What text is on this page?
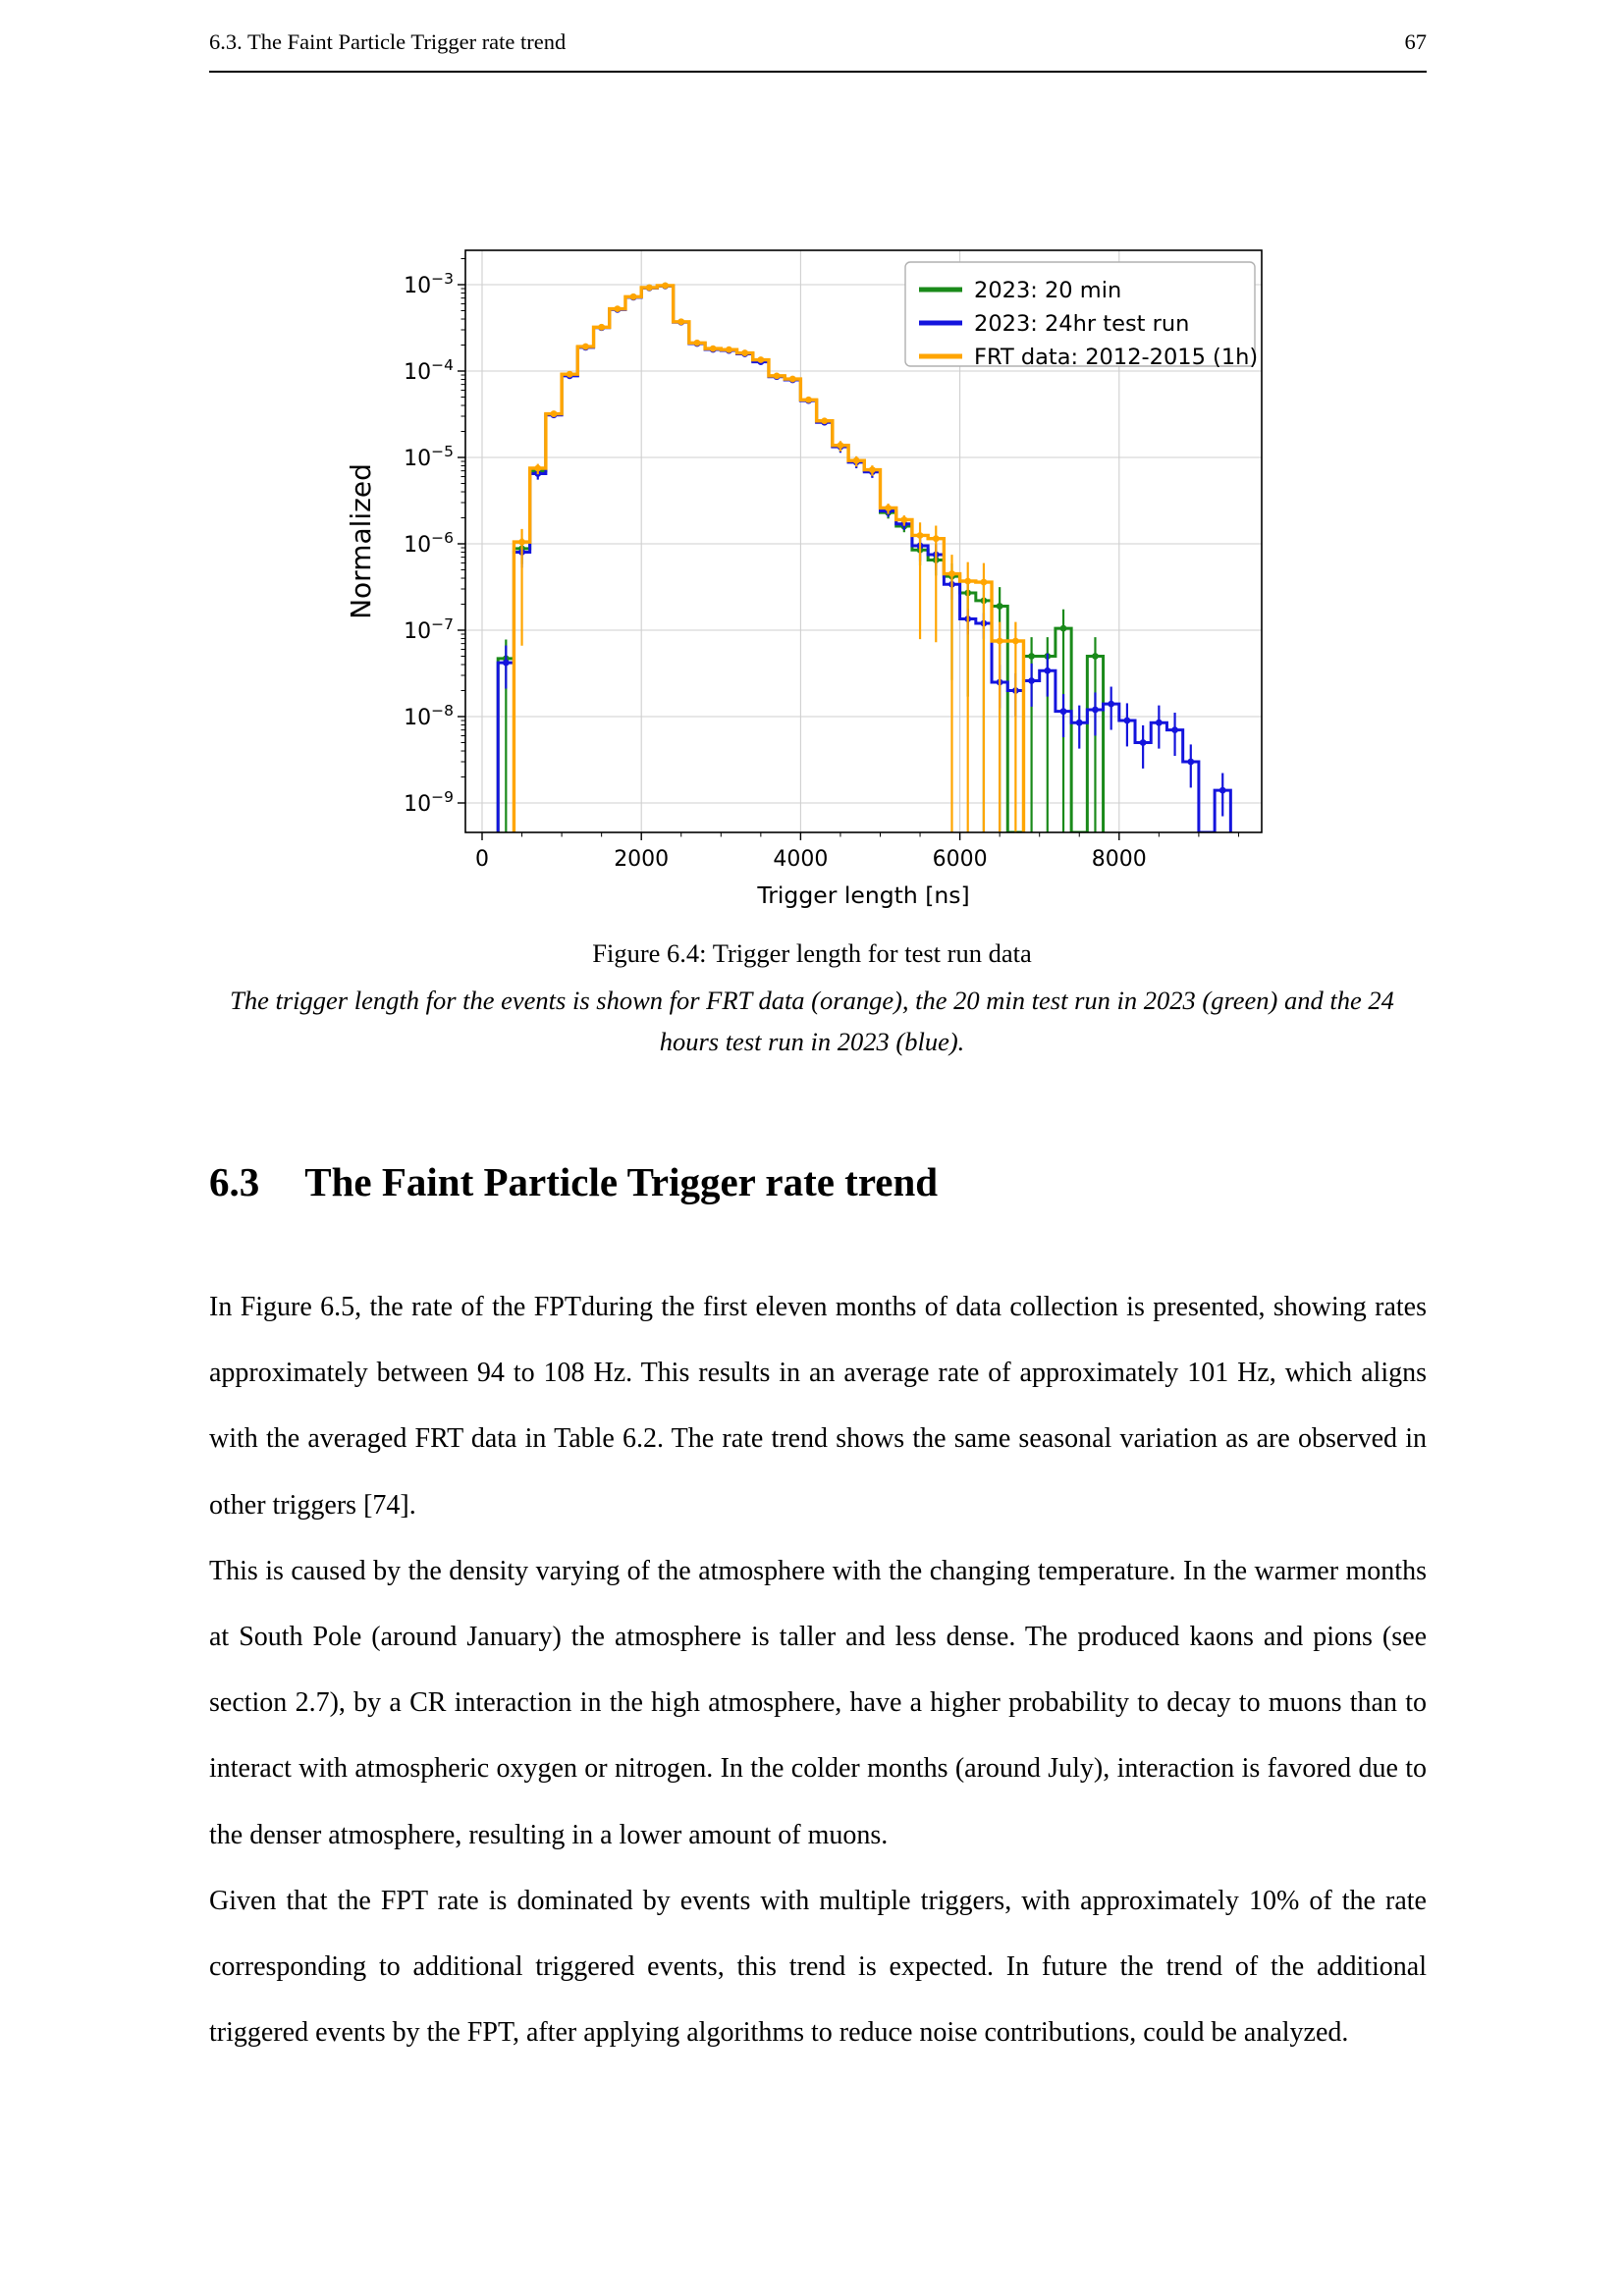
6.3. The Faint Particle Trigger rate trend	67
0	2000	4000	6000	8000
Trigger length [ns]
$10^{-3}$
$10^{-4}$
$10^{-5}$
$10^{-6}$
$10^{-7}$
$10^{-8}$
$10^{-9}$
Normalized
2023: 20 min
2023: 24hr test run
FRT data: 2012-2015 (1h)
Figure 6.4: Trigger length for test run data
The trigger length for the events is shown for FRT data (orange), the 20 min test run in 2023 (green) and the 24 hours test run in 2023 (blue).
6.3 The Faint Particle Trigger rate trend

In Figure 6.5, the rate of the FPTduring the first eleven months of data collection is presented, showing rates approximately between 94 to 108 Hz. This results in an average rate of approximately 101 Hz, which aligns with the averaged FRT data in Table 6.2. The rate trend shows the same seasonal variation as are observed in other triggers [74].

This is caused by the density varying of the atmosphere with the changing temperature. In the warmer months at South Pole (around January) the atmosphere is taller and less dense. The produced kaons and pions (see section 2.7), by a CR interaction in the high atmosphere, have a higher probability to decay to muons than to interact with atmospheric oxygen or nitrogen. In the colder months (around July), interaction is favored due to the denser atmosphere, resulting in a lower amount of muons.

Given that the FPT rate is dominated by events with multiple triggers, with approximately 10% of the rate corresponding to additional triggered events, this trend is expected. In future the trend of the additional triggered events by the FPT, after applying algorithms to reduce noise contributions, could be analyzed.
